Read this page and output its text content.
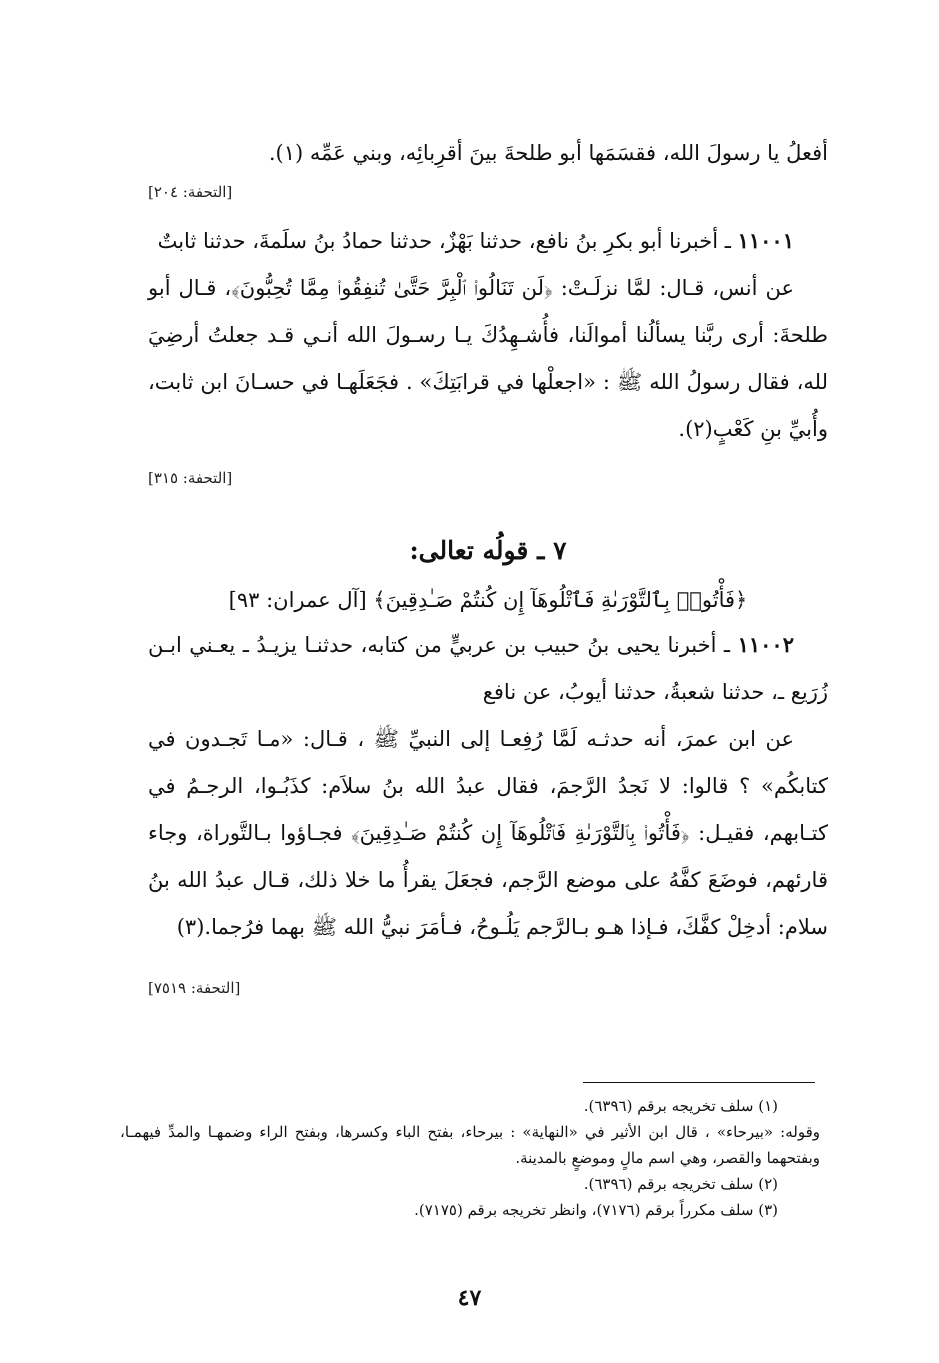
أفعلُ يا رسولَ الله، فقسَمَها أبو طلحةَ بينَ أقرِبائِه، وبني عَمِّه (١).

[التحفة: ٢٠٤]

١١٠٠١ ـ أخبرنا أبو بكرِ بنُ نافع، حدثنا بَهْزٌ، حدثنا حمادُ بنُ سلَمةَ، حدثنا ثابتٌ

عن أنس، قـال: لمَّا نزلَـتْ: ﴿لَن تَنَالُوا۟ ٱلْبِرَّ حَتَّىٰ تُنفِقُوا۟ مِمَّا تُحِبُّونَ﴾، قـال أبو طلحةَ: أرى ربَّنا يسألُنا أموالَنا، فأُشـهِدُكَ يـا رسـولَ الله أنـي قـد جعلتُ أرضِيَ لله، فقال رسولُ الله ﷺ : «اجعلْها في قرابَتِكَ» . فجَعَلَهـا في حسـانَ ابن ثابت، وأُبيِّ بنِ كَعْبٍ(٢).

[التحفة: ٣١٥]

٧ ـ قولُه تعالى:

﴿فَأْتُوا۟ بِٱلتَّوْرَىٰةِ فَٱتْلُوهَآ إِن كُنتُمْ صَـٰدِقِينَ﴾ [آل عمران: ٩٣]

١١٠٠٢ ـ أخبرنا يحيى بنُ حبيب بن عربيٍّ من كتابه، حدثنـا يزيـدُ ـ يعـني ابـن زُرَيع ـ، حدثنا شعبةُ، حدثنا أيوبُ، عن نافع

عن ابن عمرَ، أنه حدثـه لَمَّا رُفِعـا إلى النبيِّ ﷺ ، قـال: «مـا تَجـدون في كتابكُم» ؟ قالوا: لا نَجدُ الرَّجمَ، فقال عبدُ الله بنُ سلاَم: كذَبُـوا، الرجـمُ في كتـابهم، فقيـل: ﴿فَأْتُوا۟ بِٱلتَّوْرَىٰةِ فَٱتْلُوهَآ إِن كُنتُمْ صَـٰدِقِينَ﴾ فجـاؤوا بـالتَّوراة، وجاء قارئهم، فوضَعَ كفَّهُ على موضع الرَّجم، فجعَلَ يقرأُ ما خلا ذلك، قـال عبدُ الله بنُ سلام: أدخِلْ كفَّكَ، فـإذا هـو بـالرَّجم يَلُـوحُ، فـأمَرَ نبيُّ الله ﷺ بهما فرُجما.(٣)

[التحفة: ٧٥١٩]

(١) سلف تخريجه برقم (٦٣٩٦).

وقوله: «بيرحاء» ، قال ابن الأثير في «النهاية» : بيرحاء، بفتح الباء وكسرها، وبفتح الراء وضمهـا والمدِّ فيهمـا، وبفتحهما والقصر، وهي اسم مالٍ وموضعٍ بالمدينة.

(٢) سلف تخريجه برقم (٦٣٩٦).

(٣) سلف مكرراً برقم (٧١٧٦)، وانظر تخريجه برقم (٧١٧٥).

٤٧
